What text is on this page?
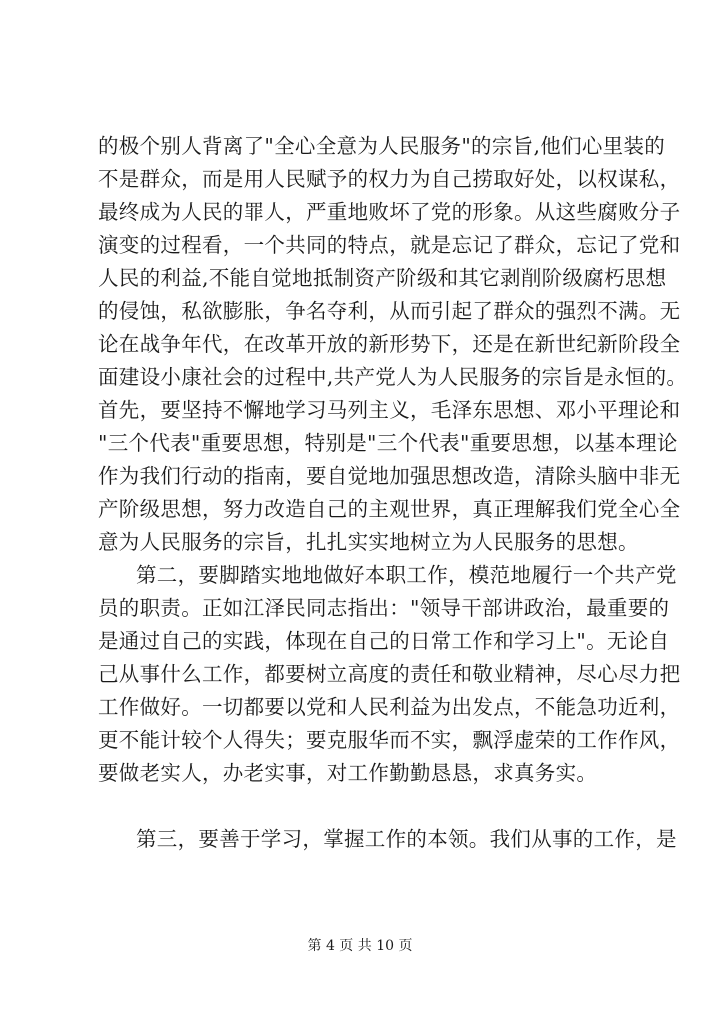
的极个别人背离了"全心全意为人民服务"的宗旨,他们心里装的
不是群众，而是用人民赋予的权力为自己捞取好处，以权谋私，
最终成为人民的罪人，严重地败坏了党的形象。从这些腐败分子
演变的过程看，一个共同的特点，就是忘记了群众，忘记了党和
人民的利益,不能自觉地抵制资产阶级和其它剥削阶级腐朽思想
的侵蚀，私欲膨胀，争名夺利，从而引起了群众的强烈不满。无
论在战争年代，在改革开放的新形势下，还是在新世纪新阶段全
面建设小康社会的过程中,共产党人为人民服务的宗旨是永恒的。
首先，要坚持不懈地学习马列主义，毛泽东思想、邓小平理论和
"三个代表"重要思想，特别是"三个代表"重要思想，以基本理论
作为我们行动的指南，要自觉地加强思想改造，清除头脑中非无
产阶级思想，努力改造自己的主观世界，真正理解我们党全心全
意为人民服务的宗旨，扎扎实实地树立为人民服务的思想。
第二，要脚踏实地地做好本职工作，模范地履行一个共产党
员的职责。正如江泽民同志指出："领导干部讲政治，最重要的
是通过自己的实践，体现在自己的日常工作和学习上"。无论自
己从事什么工作，都要树立高度的责任和敬业精神，尽心尽力把
工作做好。一切都要以党和人民利益为出发点，不能急功近利，
更不能计较个人得失；要克服华而不实，飘浮虚荣的工作作风，
要做老实人，办老实事，对工作勤勤恳恳，求真务实。
第三，要善于学习，掌握工作的本领。我们从事的工作，是
第 4 页 共 10 页
